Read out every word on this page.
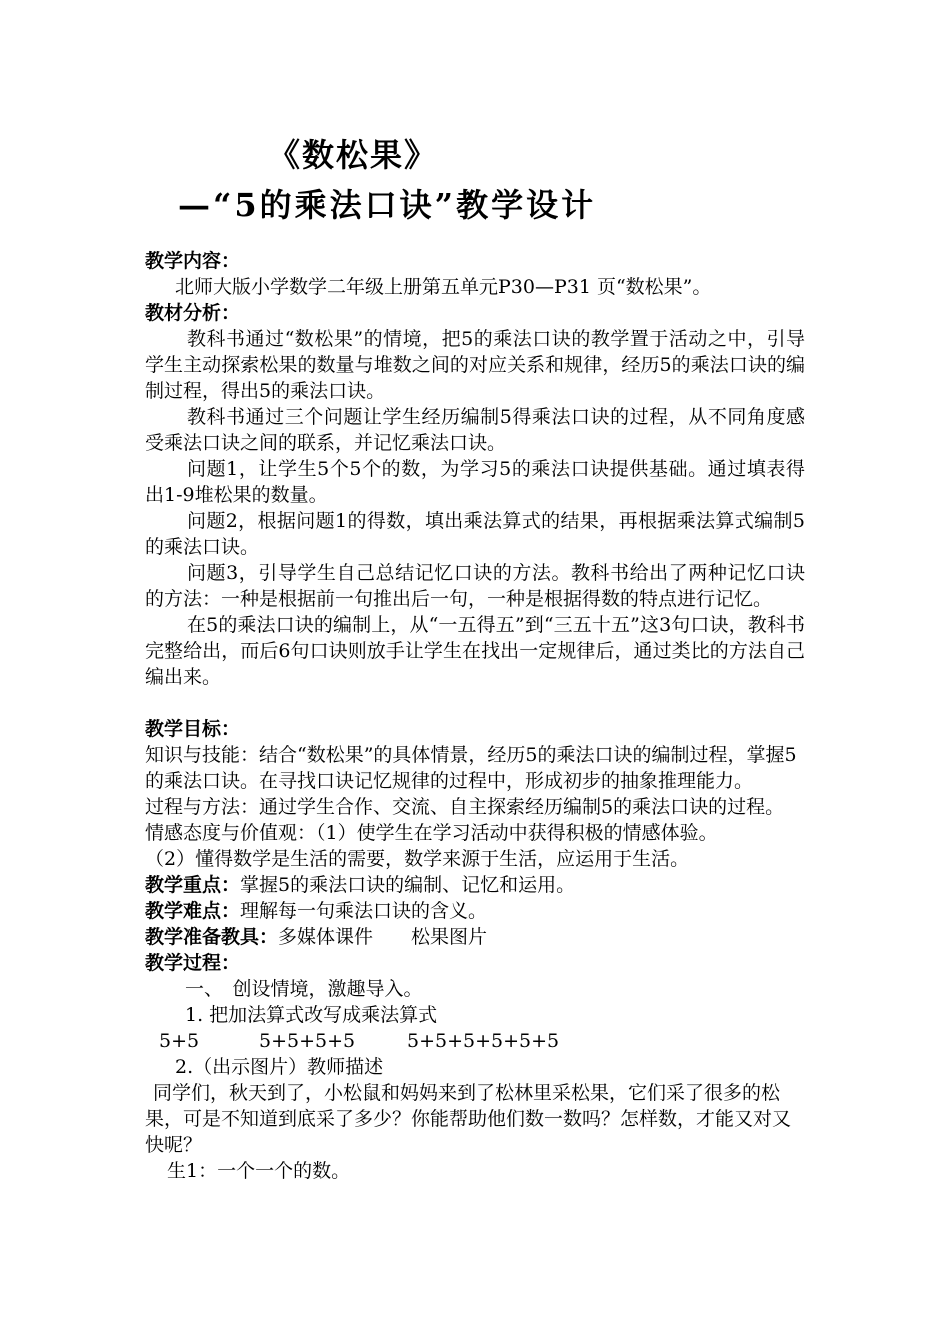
《数松果》
—“5的乘法口诀”教学设计

教学内容：

北师大版小学数学二年级上册第五单元P30—P31 页“数松果”。

教材分析：

教科书通过“数松果”的情境，把5的乘法口诀的教学置于活动之中，引导学生主动探索松果的数量与堆数之间的对应关系和规律，经历5的乘法口诀的编制过程，得出5的乘法口诀。

教科书通过三个问题让学生经历编制5得乘法口诀的过程，从不同角度感受乘法口诀之间的联系，并记忆乘法口诀。

问题1，让学生5个5个的数，为学习5的乘法口诀提供基础。通过填表得出1-9堆松果的数量。

问题2，根据问题1的得数，填出乘法算式的结果，再根据乘法算式编制5的乘法口诀。

问题3，引导学生自己总结记忆口诀的方法。教科书给出了两种记忆口诀的方法：一种是根据前一句推出后一句，一种是根据得数的特点进行记忆。

在5的乘法口诀的编制上，从“一五得五”到“三五十五”这3句口诀，教科书完整给出，而后6句口诀则放手让学生在找出一定规律后，通过类比的方法自己编出来。

教学目标：

知识与技能：结合“数松果”的具体情景，经历5的乘法口诀的编制过程，掌握5的乘法口诀。在寻找口诀记忆规律的过程中，形成初步的抽象推理能力。

过程与方法：通过学生合作、交流、自主探索经历编制5的乘法口诀的过程。

情感态度与价值观：（1）使学生在学习活动中获得积极的情感体验。

（2）懂得数学是生活的需要，数学来源于生活，应运用于生活。

教学重点：掌握5的乘法口诀的编制、记忆和运用。

教学难点：理解每一句乘法口诀的含义。

教学准备教具：多媒体课件　　松果图片

教学过程：

一、　创设情境，激趣导入。

1. 把加法算式改写成乘法算式

5+5	5+5+5+5	5+5+5+5+5+5

2.（出示图片）教师描述

同学们，秋天到了，小松鼠和妈妈来到了松林里采松果，它们采了很多的松果，可是不知道到底采了多少？你能帮助他们数一数吗？怎样数，才能又对又快呢？

生1：一个一个的数。
